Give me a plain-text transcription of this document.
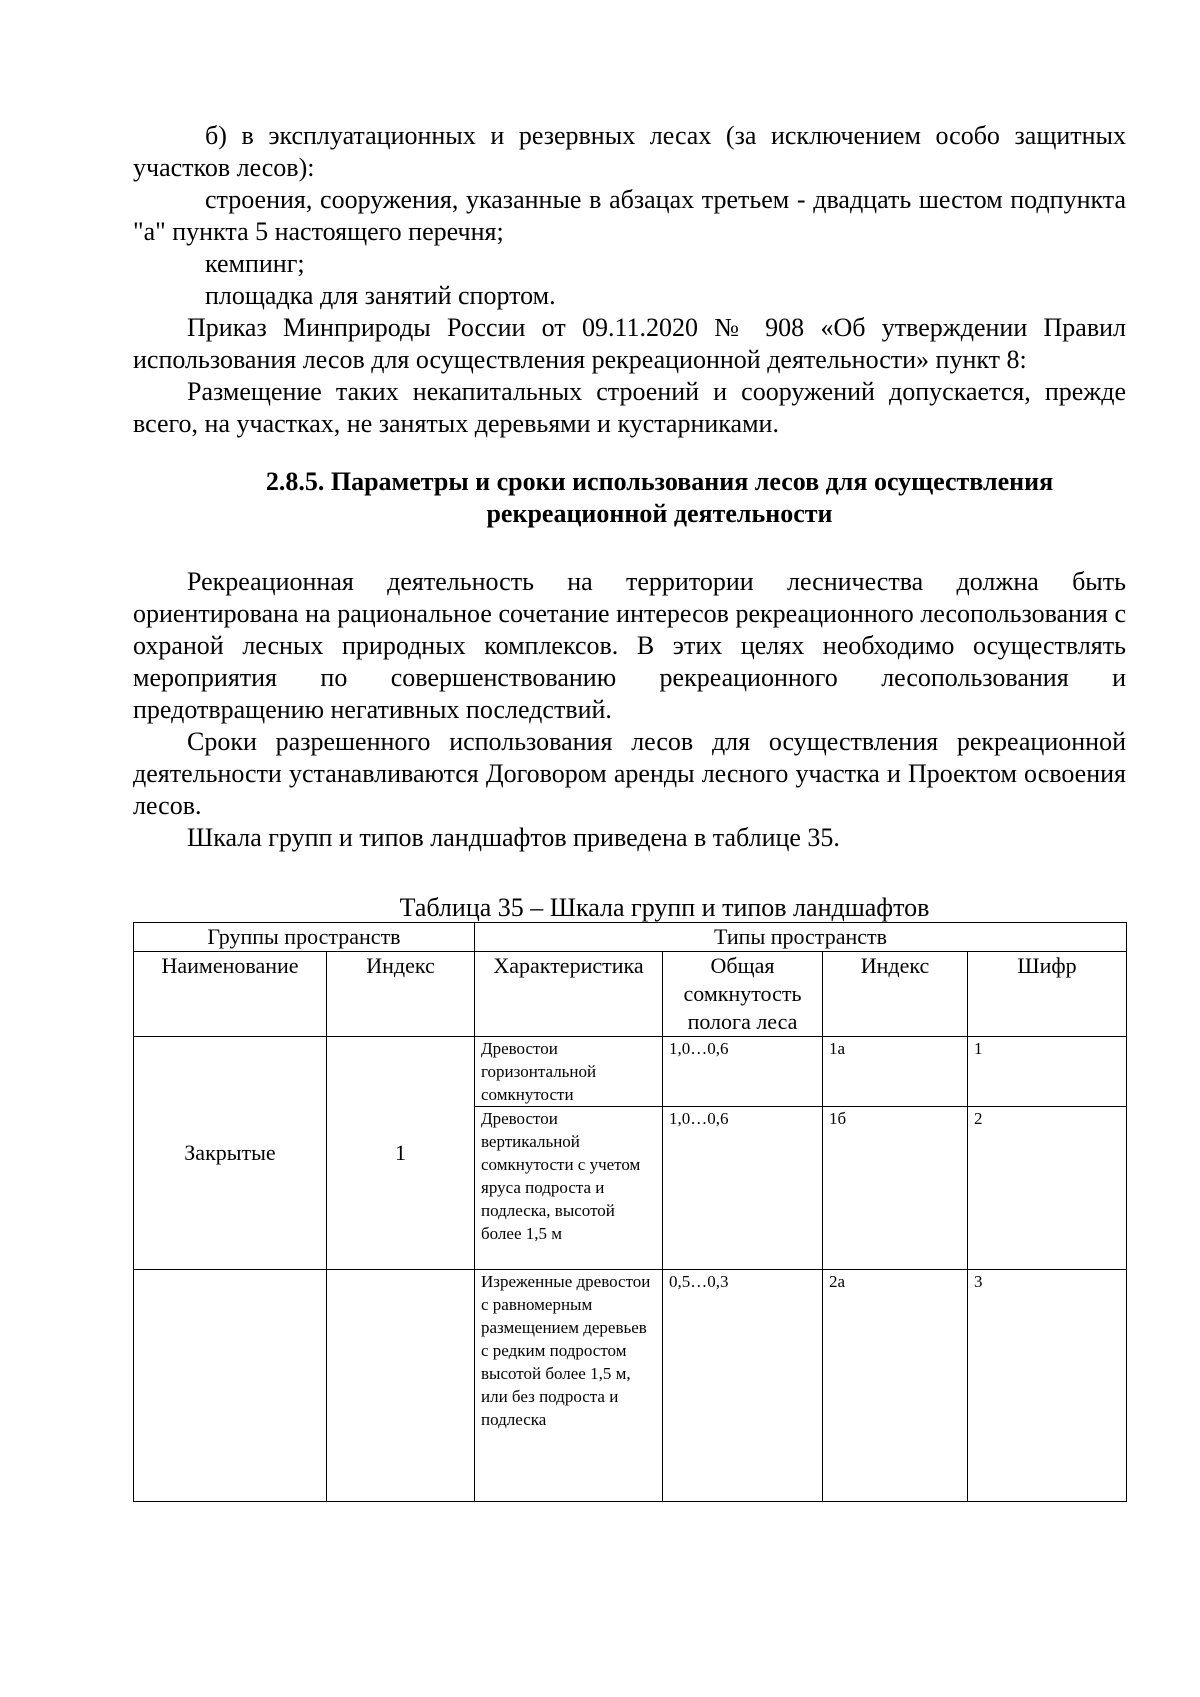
б) в эксплуатационных и резервных лесах (за исключением особо защитных участков лесов):

строения, сооружения, указанные в абзацах третьем - двадцать шестом подпункта "а" пункта 5 настоящего перечня;

кемпинг;

площадка для занятий спортом.

Приказ Минприроды России от 09.11.2020 № 908 «Об утверждении Правил использования лесов для осуществления рекреационной деятельности» пункт 8:

Размещение таких некапитальных строений и сооружений допускается, прежде всего, на участках, не занятых деревьями и кустарниками.

2.8.5. Параметры и сроки использования лесов для осуществления рекреационной деятельности

Рекреационная деятельность на территории лесничества должна быть ориентирована на рациональное сочетание интересов рекреационного лесопользования с охраной лесных природных комплексов. В этих целях необходимо осуществлять мероприятия по совершенствованию рекреационного лесопользования и предотвращению негативных последствий.

Сроки разрешенного использования лесов для осуществления рекреационной деятельности устанавливаются Договором аренды лесного участка и Проектом освоения лесов.

Шкала групп и типов ландшафтов приведена в таблице 35.

Таблица 35 – Шкала групп и типов ландшафтов
Группы пространств		Типы пространств			
Наименование	Индекс	Характеристика	Общая сомкнутость полога леса	Индекс	Шифр
Закрытые	1	Древостои горизонтальной сомкнутости	1,0…0,6	1а	1
		Древостои вертикальной сомкнутости с учетом яруса подроста и подлеска, высотой более 1,5 м	1,0…0,6	1б	2
		Изреженные древостои с равномерным размещением деревьев с редким подростом высотой более 1,5 м, или без подроста и подлеска	0,5…0,3	2а	3
